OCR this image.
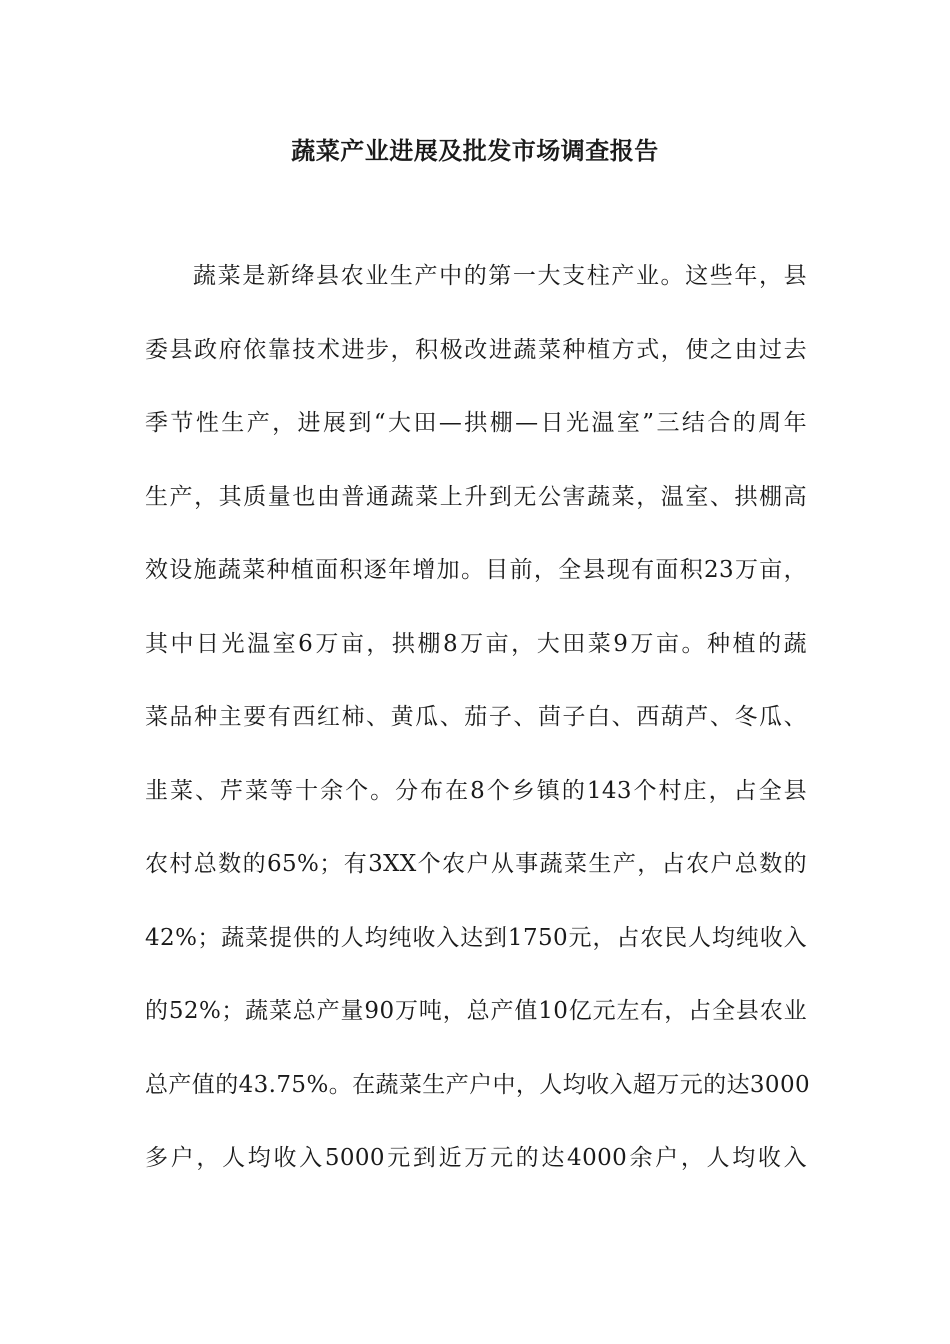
蔬菜产业进展及批发市场调查报告
蔬菜是新绛县农业生产中的第一大支柱产业。这些年，县
委县政府依靠技术进步，积极改进蔬菜种植方式，使之由过去
季节性生产，进展到“大田—拱棚—日光温室”三结合的周年
生产，其质量也由普通蔬菜上升到无公害蔬菜，温室、拱棚高
效设施蔬菜种植面积逐年增加。目前，全县现有面积23万亩，
其中日光温室6万亩，拱棚8万亩，大田菜9万亩。种植的蔬
菜品种主要有西红柿、黄瓜、茄子、茴子白、西葫芦、冬瓜、
韭菜、芹菜等十余个。分布在8个乡镇的143个村庄，占全县
农村总数的65%；有3XX个农户从事蔬菜生产，占农户总数的
42%；蔬菜提供的人均纯收入达到1750元，占农民人均纯收入
的52%；蔬菜总产量90万吨，总产值10亿元左右，占全县农业
总产值的43.75%。在蔬菜生产户中，人均收入超万元的达3000
多户，人均收入5000元到近万元的达4000余户，人均收入
